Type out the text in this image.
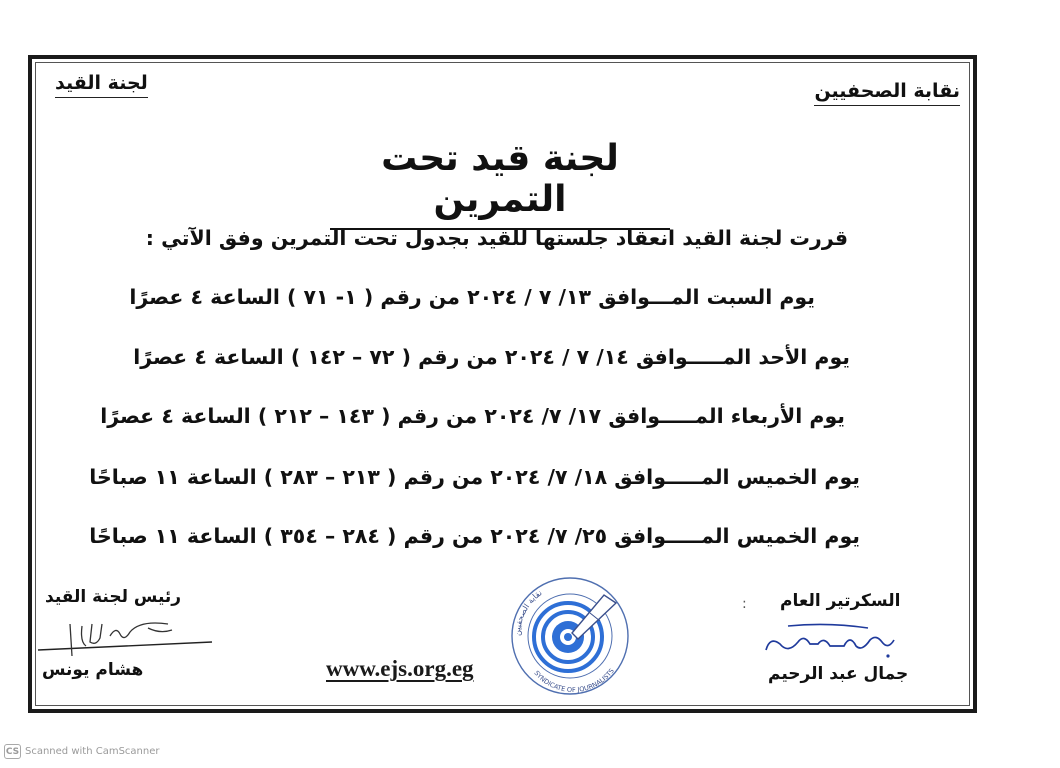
نقابة الصحفيين
لجنة القيد
لجنة قيد تحت التمرين
قررت لجنة القيد انعقاد جلستها للقيد بجدول تحت التمرين وفق الآتي :
يوم السبت المـــوافق ١٣/ ٧ / ٢٠٢٤ من رقم ( ١- ٧١ ) الساعة ٤ عصرًا
يوم الأحد المـــــوافق ١٤/ ٧ / ٢٠٢٤ من رقم ( ٧٢ – ١٤٢ ) الساعة ٤ عصرًا
يوم الأربعاء المـــــوافق ١٧/ ٧/ ٢٠٢٤ من رقم ( ١٤٣ – ٢١٢ ) الساعة ٤ عصرًا
يوم الخميس المـــــوافق ١٨/ ٧/ ٢٠٢٤ من رقم ( ٢١٣ – ٢٨٣ ) الساعة ١١ صباحًا
يوم الخميس المـــــوافق ٢٥/ ٧/ ٢٠٢٤ من رقم ( ٢٨٤ – ٣٥٤ ) الساعة ١١ صباحًا
رئيس لجنة القيد
هشام يونس
: السكرتير العام
جمال عبد الرحيم
www.ejs.org.eg
نقابة الصحفيين
SYNDICATE OF JOURNALISTS
CS Scanned with CamScanner
